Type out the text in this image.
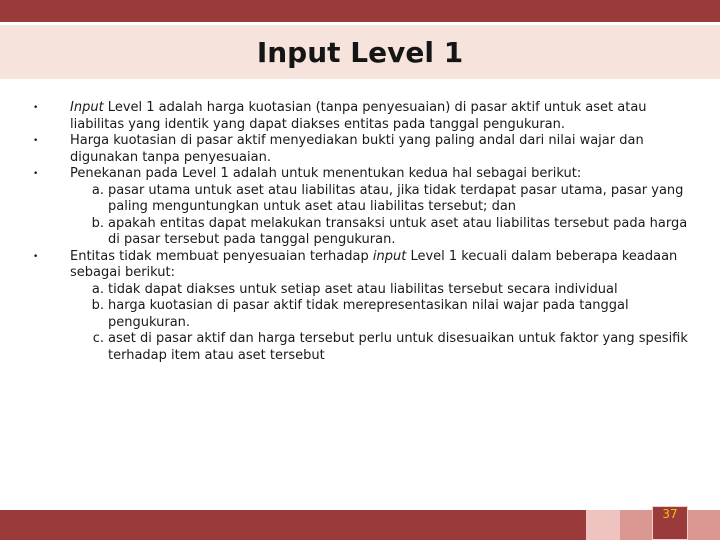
Input Level 1
• Input Level 1 adalah harga kuotasian (tanpa penyesuaian) di pasar aktif untuk aset atau liabilitas yang identik yang dapat diakses entitas pada tanggal pengukuran.
• Harga kuotasian di pasar aktif menyediakan bukti yang paling andal dari nilai wajar dan digunakan tanpa penyesuaian.
• Penekanan pada Level 1 adalah untuk menentukan kedua hal sebagai berikut:
a. pasar utama untuk aset atau liabilitas atau, jika tidak terdapat pasar utama, pasar yang paling menguntungkan untuk aset atau liabilitas tersebut; dan
b. apakah entitas dapat melakukan transaksi untuk aset atau liabilitas tersebut pada harga di pasar tersebut pada tanggal pengukuran.
• Entitas tidak membuat penyesuaian terhadap input Level 1 kecuali dalam beberapa keadaan sebagai berikut:
a. tidak dapat diakses untuk setiap aset atau liabilitas tersebut secara individual
b. harga kuotasian di pasar aktif tidak merepresentasikan nilai wajar pada tanggal pengukuran.
c. aset di pasar aktif dan harga tersebut perlu untuk disesuaikan untuk faktor yang spesifik terhadap item atau aset tersebut
37
